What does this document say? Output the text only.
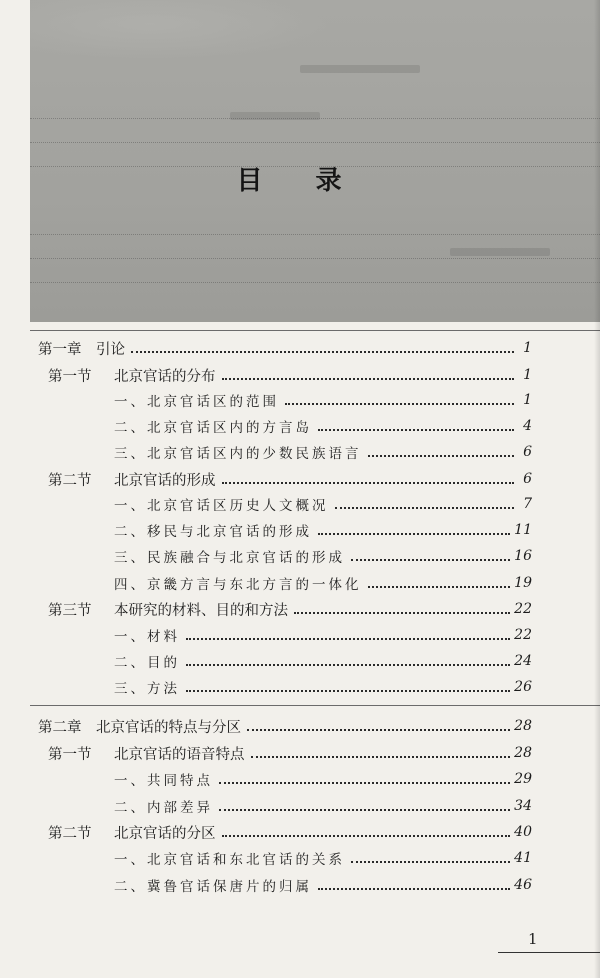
目 录
第一章　引论	1
第一节	北京官话的分布	1
一、北京官话区的范围	1
二、北京官话区内的方言岛	4
三、北京官话区内的少数民族语言	6
第二节	北京官话的形成	6
一、北京官话区历史人文概况	7
二、移民与北京官话的形成	11
三、民族融合与北京官话的形成	16
四、京畿方言与东北方言的一体化	19
第三节	本研究的材料、目的和方法	22
一、材料	22
二、目的	24
三、方法	26
第二章　北京官话的特点与分区	28
第一节	北京官话的语音特点	28
一、共同特点	29
二、内部差异	34
第二节	北京官话的分区	40
一、北京官话和东北官话的关系	41
二、冀鲁官话保唐片的归属	46
1
